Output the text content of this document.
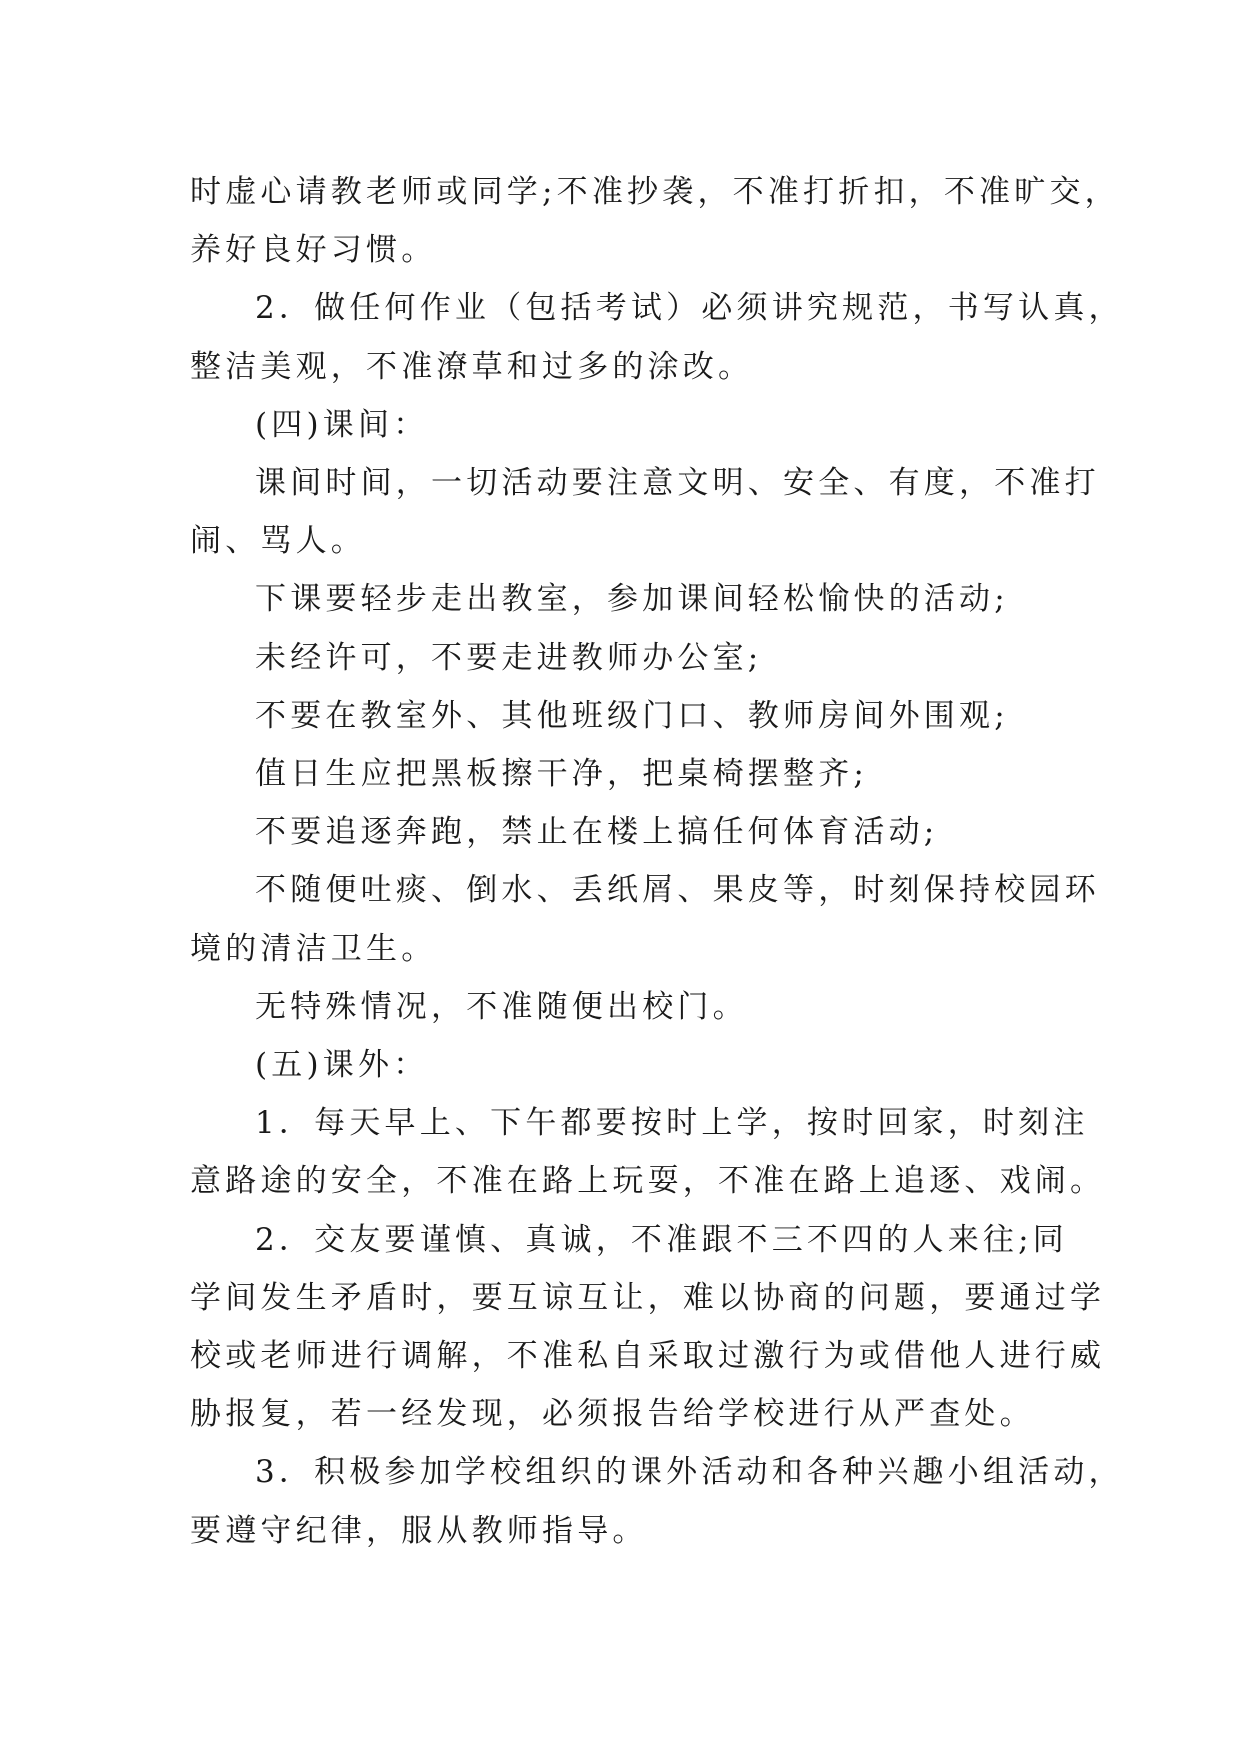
时虚心请教老师或同学;不准抄袭，不准打折扣，不准旷交，

养好良好习惯。

2．做任何作业（包括考试）必须讲究规范，书写认真，

整洁美观，不准潦草和过多的涂改。

(四)课间：

课间时间，一切活动要注意文明、安全、有度，不准打

闹、骂人。

下课要轻步走出教室，参加课间轻松愉快的活动;

未经许可，不要走进教师办公室;

不要在教室外、其他班级门口、教师房间外围观;

值日生应把黑板擦干净，把桌椅摆整齐;

不要追逐奔跑，禁止在楼上搞任何体育活动;

不随便吐痰、倒水、丢纸屑、果皮等，时刻保持校园环

境的清洁卫生。

无特殊情况，不准随便出校门。

(五)课外：

1．每天早上、下午都要按时上学，按时回家，时刻注

意路途的安全，不准在路上玩耍，不准在路上追逐、戏闹。

2．交友要谨慎、真诚，不准跟不三不四的人来往;同

学间发生矛盾时，要互谅互让，难以协商的问题，要通过学

校或老师进行调解，不准私自采取过激行为或借他人进行威

胁报复，若一经发现，必须报告给学校进行从严查处。

3．积极参加学校组织的课外活动和各种兴趣小组活动，

要遵守纪律，服从教师指导。
